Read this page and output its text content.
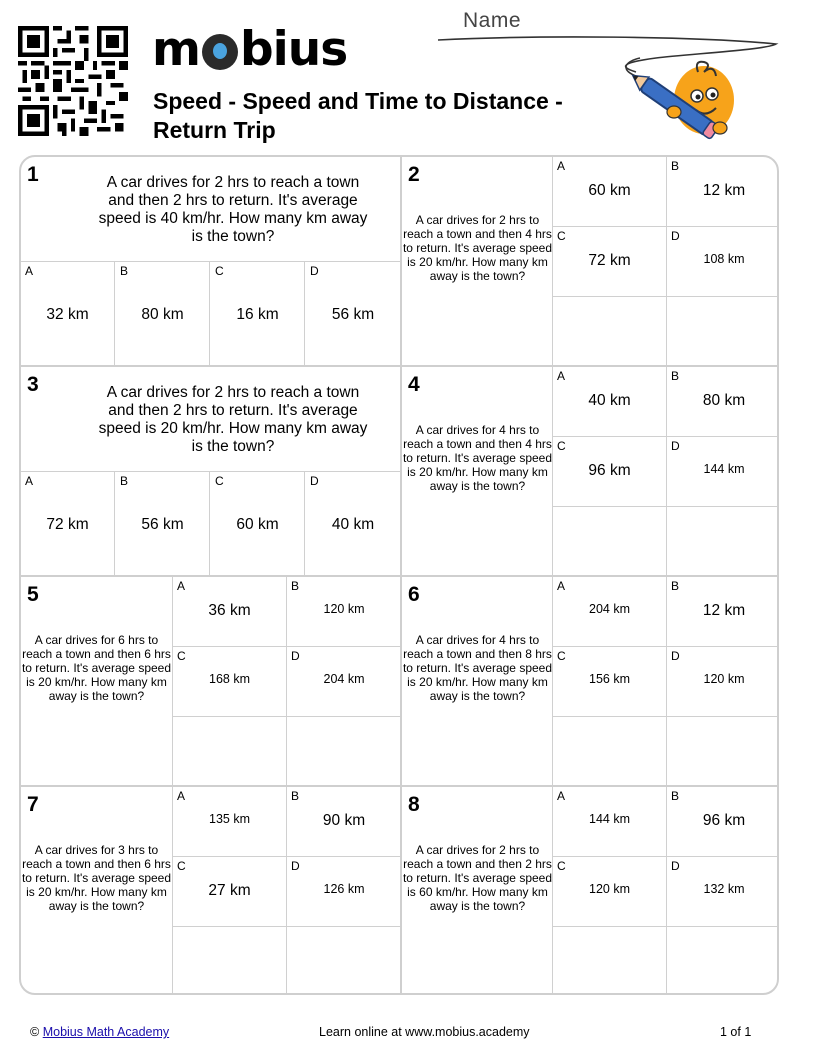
m bius
Speed - Speed and Time to Distance - Return Trip
Name
1	A car drives for 2 hrs to reach a town and then 2 hrs to return. It's average speed is 40 km/hr. How many km away is the town?
A
32 km
B
80 km
C
16 km
D
56 km
2
A car drives for 2 hrs to reach a town and then 4 hrs to return. It's average speed is 20 km/hr. How many km away is the town?
A
60 km
B
12 km
C
72 km
D
108 km
3	A car drives for 2 hrs to reach a town and then 2 hrs to return. It's average speed is 20 km/hr. How many km away is the town?
A
72 km
B
56 km
C
60 km
D
40 km
4
A car drives for 4 hrs to reach a town and then 4 hrs to return. It's average speed is 20 km/hr. How many km away is the town?
A
40 km
B
80 km
C
96 km
D
144 km
5
A car drives for 6 hrs to reach a town and then 6 hrs to return. It's average speed is 20 km/hr. How many km away is the town?
A
36 km
B
120 km
C
168 km
D
204 km
6
A car drives for 4 hrs to reach a town and then 8 hrs to return. It's average speed is 20 km/hr. How many km away is the town?
A
204 km
B
12 km
C
156 km
D
120 km
7
A car drives for 3 hrs to reach a town and then 6 hrs to return. It's average speed is 20 km/hr. How many km away is the town?
A
135 km
B
90 km
C
27 km
D
126 km
8
A car drives for 2 hrs to reach a town and then 2 hrs to return. It's average speed is 60 km/hr. How many km away is the town?
A
144 km
B
96 km
C
120 km
D
132 km
© Mobius Math Academy	Learn online at www.mobius.academy	1 of 1
